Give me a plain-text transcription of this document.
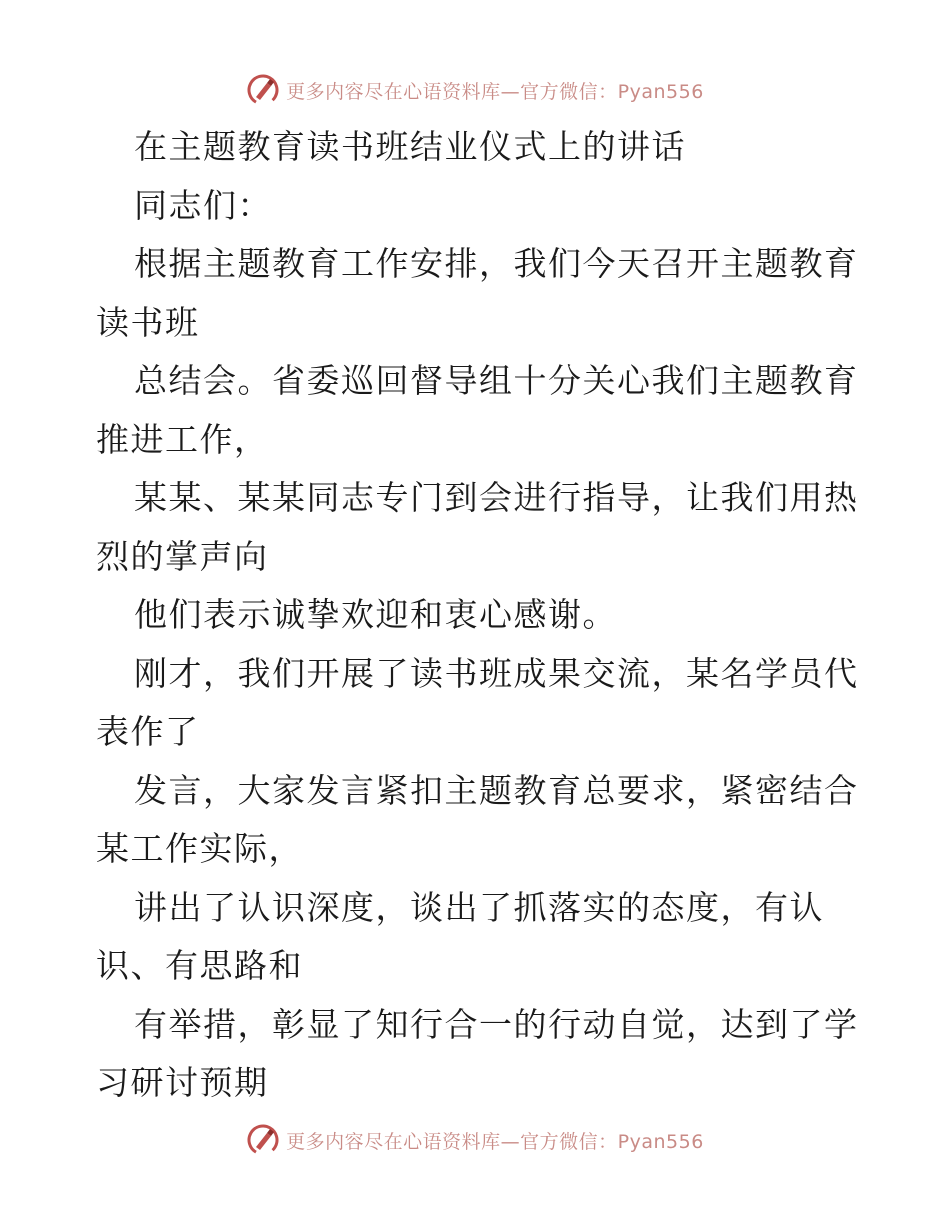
更多内容尽在心语资料库—官方微信：Pyan556
在主题教育读书班结业仪式上的讲话
同志们：
根据主题教育工作安排，我们今天召开主题教育
读书班
总结会。省委巡回督导组十分关心我们主题教育
推进工作，
某某、某某同志专门到会进行指导，让我们用热
烈的掌声向
他们表示诚挚欢迎和衷心感谢。
刚才，我们开展了读书班成果交流，某名学员代
表作了
发言，大家发言紧扣主题教育总要求，紧密结合
某工作实际，
讲出了认识深度，谈出了抓落实的态度，有认
识、有思路和
有举措，彰显了知行合一的行动自觉，达到了学
习研讨预期
更多内容尽在心语资料库—官方微信：Pyan556
